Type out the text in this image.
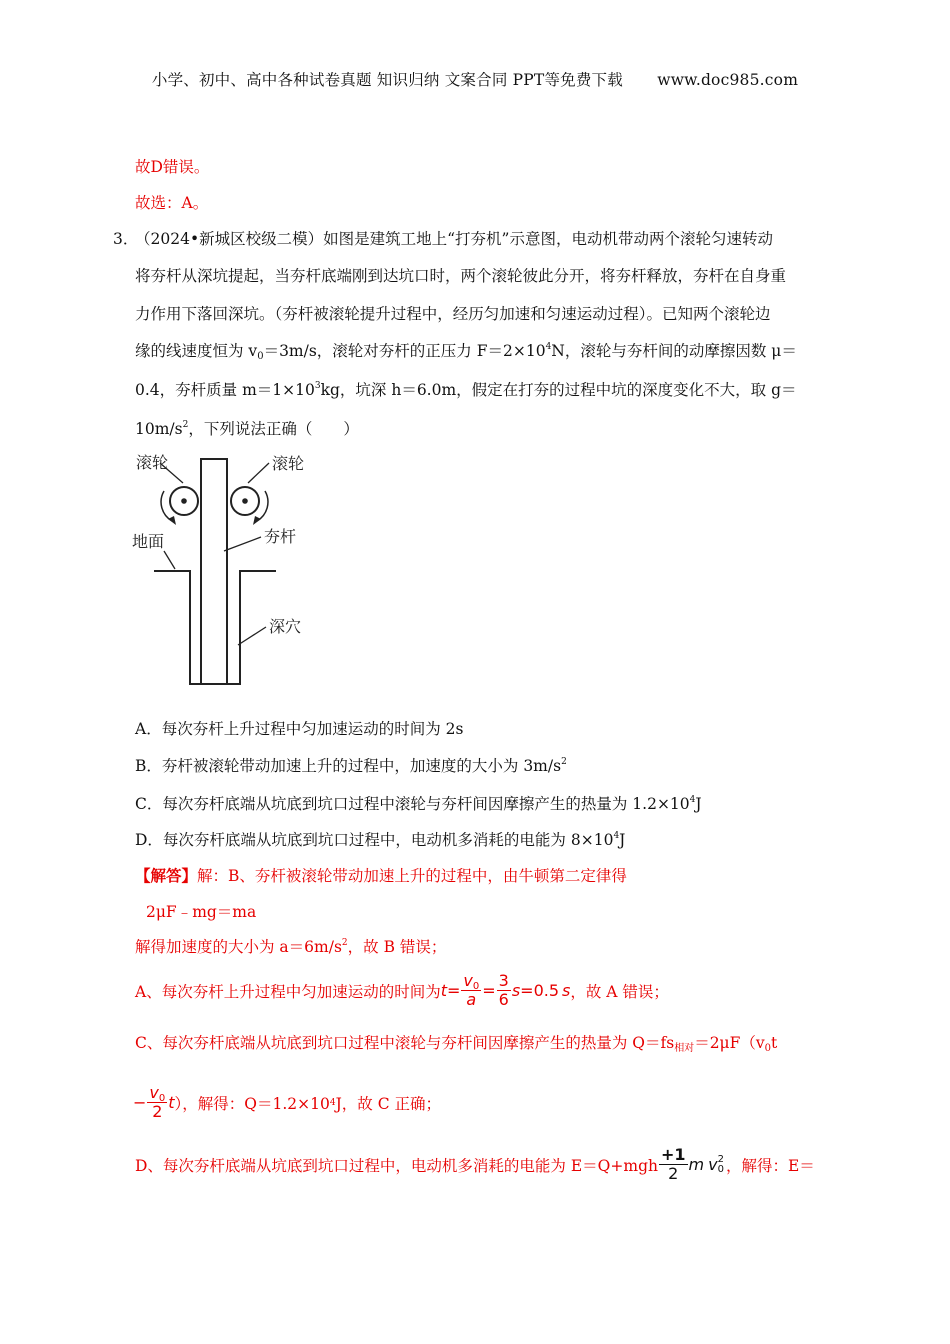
小学、初中、高中各种试卷真题 知识归纳 文案合同 PPT等免费下载 www.doc985.com
故D错误。
故选：A。
3．
（2024•新城区校级二模）如图是建筑工地上“打夯机”示意图，电动机带动两个滚轮匀速转动
将夯杆从深坑提起，当夯杆底端刚到达坑口时，两个滚轮彼此分开，将夯杆释放，夯杆在自身重
力作用下落回深坑。（夯杆被滚轮提升过程中，经历匀加速和匀速运动过程）。已知两个滚轮边
缘的线速度恒为 $v_0=3m/s$，滚轮对夯杆的正压力 $F=2\times 10^4N$，滚轮与夯杆间的动摩擦因数 μ＝
0.4，夯杆质量 $m=1\times 10^3kg$，坑深 h＝6.0m，假定在打夯的过程中坑的深度变化不大，取 g＝
$10m/s^2$，下列说法正确（　　）
滚轮	滚轮
地面	夯杆
深穴
A．每次夯杆上升过程中匀加速运动的时间为 2s
B．夯杆被滚轮带动加速上升的过程中，加速度的大小为 $3m/s^2$
C．每次夯杆底端从坑底到坑口过程中滚轮与夯杆间因摩擦产生的热量为 $1.2\times 10^4J$
D．每次夯杆底端从坑底到坑口过程中，电动机多消耗的电能为 $8\times 10^4J$
【解答】解：B、夯杆被滚轮带动加速上升的过程中，由牛顿第二定律得
2μF﹣mg＝ma
解得加速度的大小为 $a=6m/s^2$，故 B 错误；
A、每次夯杆上升过程中匀加速运动的时间为 $t = \frac{v_0}{a} = \frac{3}{6}$ s =0.5 s ，故 A 错误；
C、每次夯杆底端从坑底到坑口过程中滚轮与夯杆间因摩擦产生的热量为 $Q=fs_{相对}=2\mu F(v_0t$
− $\frac{v_0}{2}$ t ），解得：Q＝1.2×10 4 J，故 C 正确；
D、每次夯杆底端从坑底到坑口过程中，电动机多消耗的电能为 $E=Q+mgh \frac{+1}{2}$ m v 2
0 ，解得：E＝
